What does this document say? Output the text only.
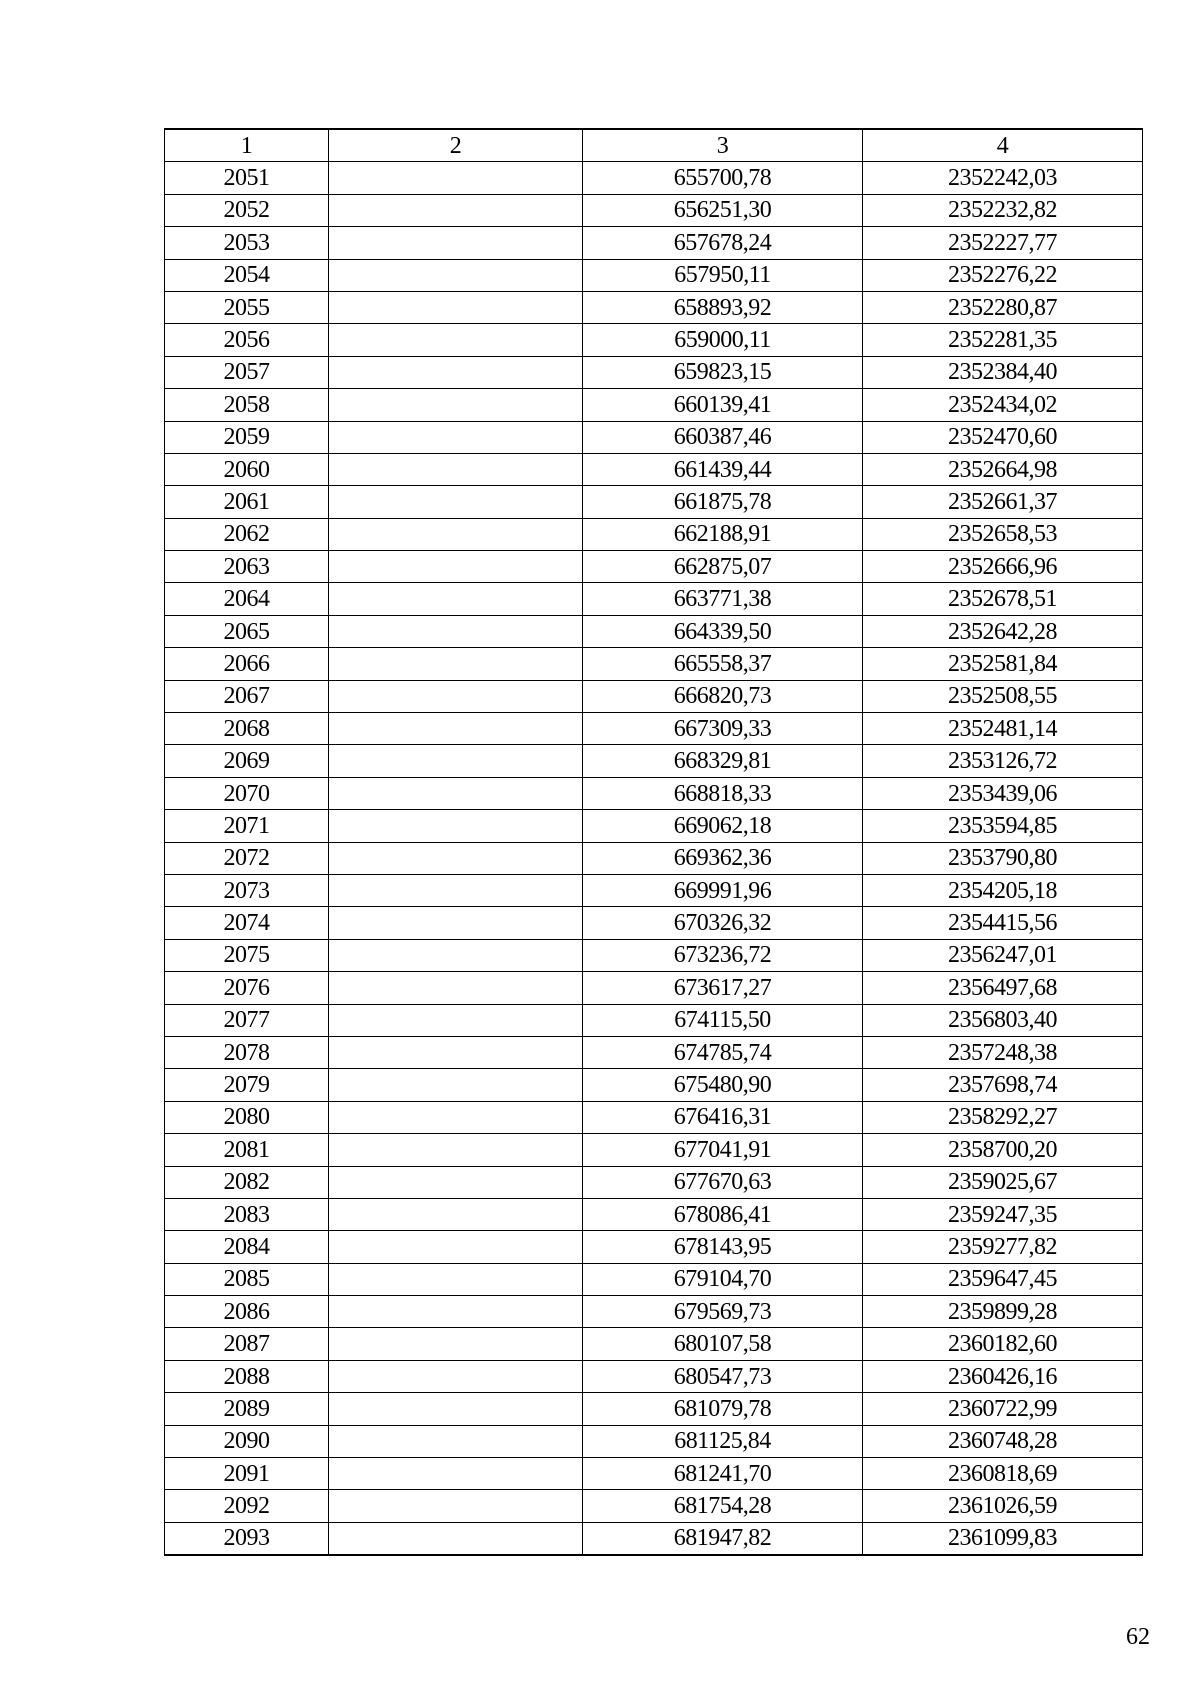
1	2	3	4
2051		655700,78	2352242,03
2052		656251,30	2352232,82
2053		657678,24	2352227,77
2054		657950,11	2352276,22
2055		658893,92	2352280,87
2056		659000,11	2352281,35
2057		659823,15	2352384,40
2058		660139,41	2352434,02
2059		660387,46	2352470,60
2060		661439,44	2352664,98
2061		661875,78	2352661,37
2062		662188,91	2352658,53
2063		662875,07	2352666,96
2064		663771,38	2352678,51
2065		664339,50	2352642,28
2066		665558,37	2352581,84
2067		666820,73	2352508,55
2068		667309,33	2352481,14
2069		668329,81	2353126,72
2070		668818,33	2353439,06
2071		669062,18	2353594,85
2072		669362,36	2353790,80
2073		669991,96	2354205,18
2074		670326,32	2354415,56
2075		673236,72	2356247,01
2076		673617,27	2356497,68
2077		674115,50	2356803,40
2078		674785,74	2357248,38
2079		675480,90	2357698,74
2080		676416,31	2358292,27
2081		677041,91	2358700,20
2082		677670,63	2359025,67
2083		678086,41	2359247,35
2084		678143,95	2359277,82
2085		679104,70	2359647,45
2086		679569,73	2359899,28
2087		680107,58	2360182,60
2088		680547,73	2360426,16
2089		681079,78	2360722,99
2090		681125,84	2360748,28
2091		681241,70	2360818,69
2092		681754,28	2361026,59
2093		681947,82	2361099,83
62
